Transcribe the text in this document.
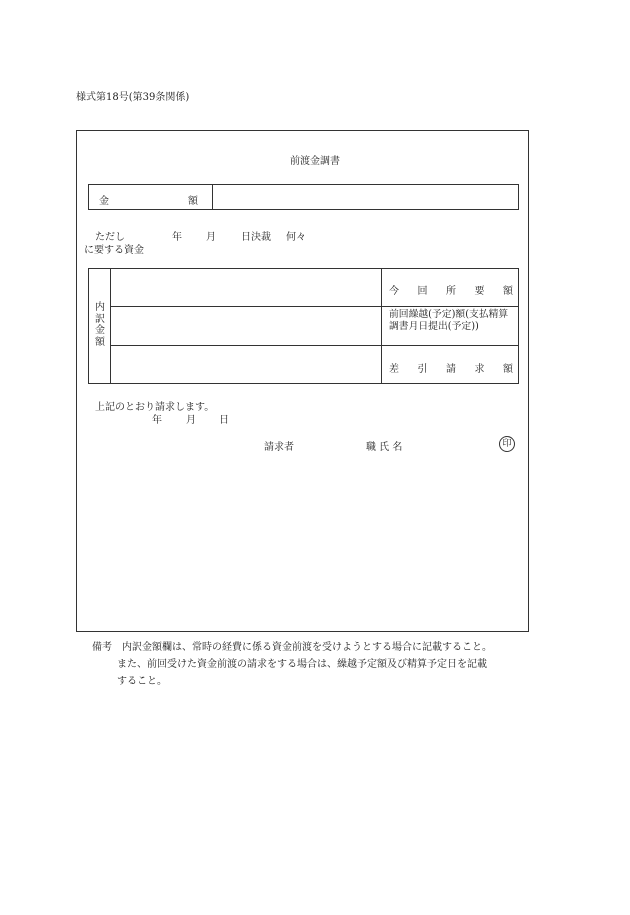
様式第18号(第39条関係)
前渡金調書
金	額
ただし	年 月	日決裁 何々
に要する資金
内訳金額
今 回 所 要 額
前回繰越(予定)額(支払精算調書月日提出(予定))
差 引 請 求 額
上記のとおり請求します。
年 月 日
請求者	職 氏 名	印
備考　内訳金額欄は、常時の経費に係る資金前渡を受けようとする場合に記載すること。
また、前回受けた資金前渡の請求をする場合は、繰越予定額及び精算予定日を記載
すること。
